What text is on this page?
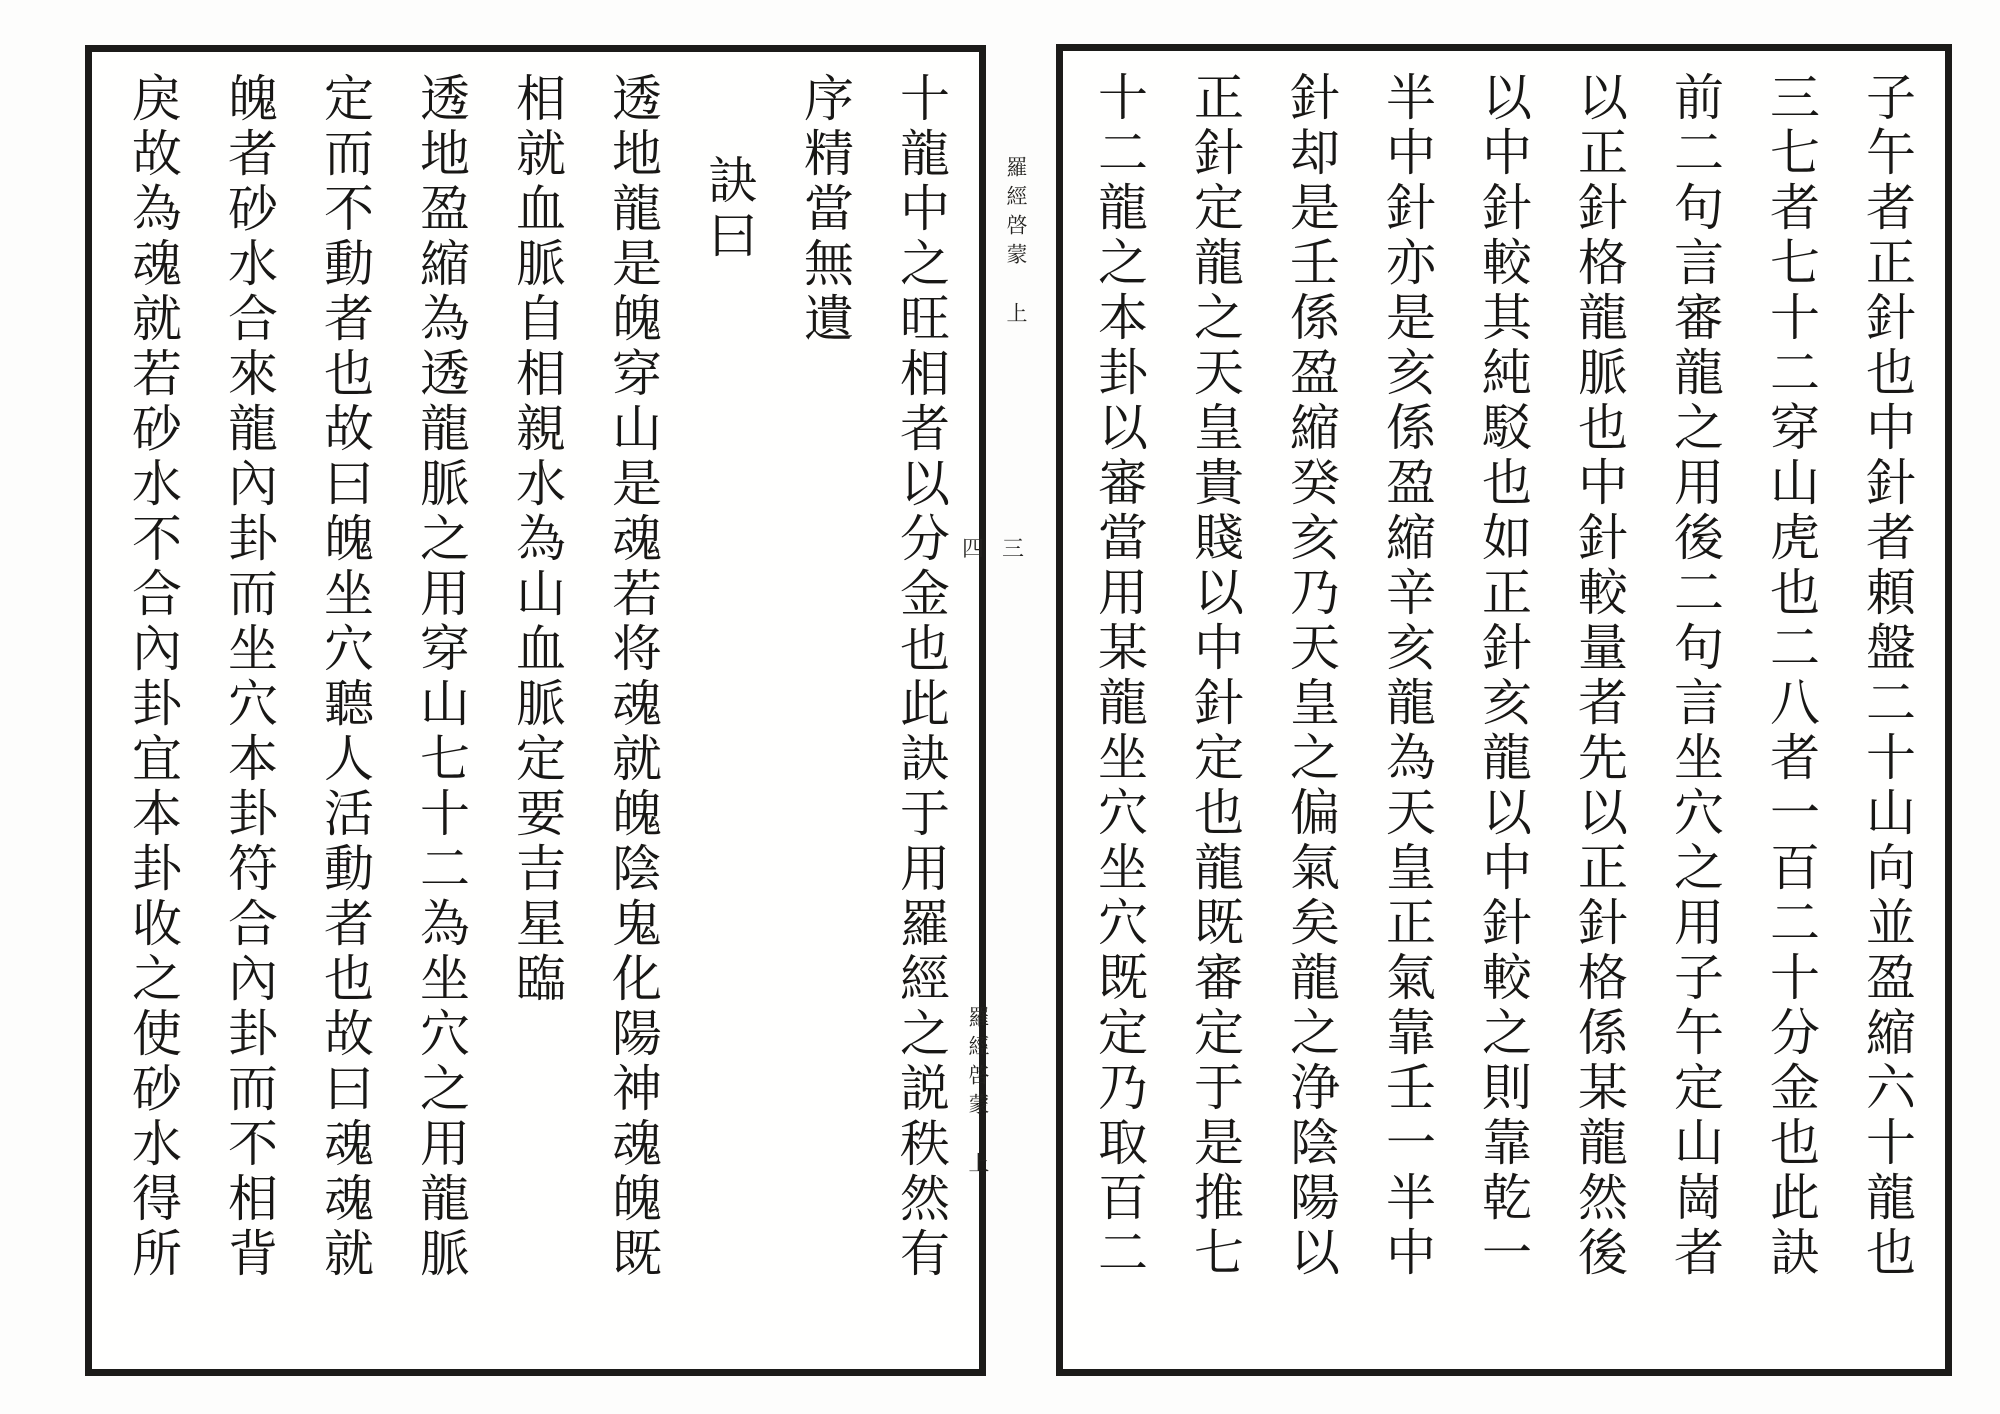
子午者正針也中針者頼盤二十山向並盈縮六十龍也
三七者七十二穿山虎也二八者一百二十分金也此訣
前二句言審龍之用後二句言坐穴之用子午定山崗者
以正針格龍脈也中針較量者先以正針格係某龍然後
以中針較其純駁也如正針亥龍以中針較之則靠乾一
半中針亦是亥係盈縮辛亥龍為天皇正氣靠壬一半中
針却是壬係盈縮癸亥乃天皇之偏氣矣龍之浄陰陽以
正針定龍之天皇貴賤以中針定也龍既審定于是推七
十二龍之本卦以審當用某龍坐穴坐穴既定乃取百二
十龍中之旺相者以分金也此訣于用羅經之説秩然有
序精當無遺
訣曰
透地龍是魄穿山是魂若将魂就魄陰鬼化陽神魂魄既
相就血脈自相親水為山血脈定要吉星臨
透地盈縮為透龍脈之用穿山七十二為坐穴之用龍脈
定而不動者也故曰魄坐穴聽人活動者也故曰魂魂就
魄者砂水合來龍內卦而坐穴本卦符合內卦而不相背
戾故為魂就若砂水不合內卦宜本卦收之使砂水得所	羅經啓蒙上
三
四
羅經啓蒙上
